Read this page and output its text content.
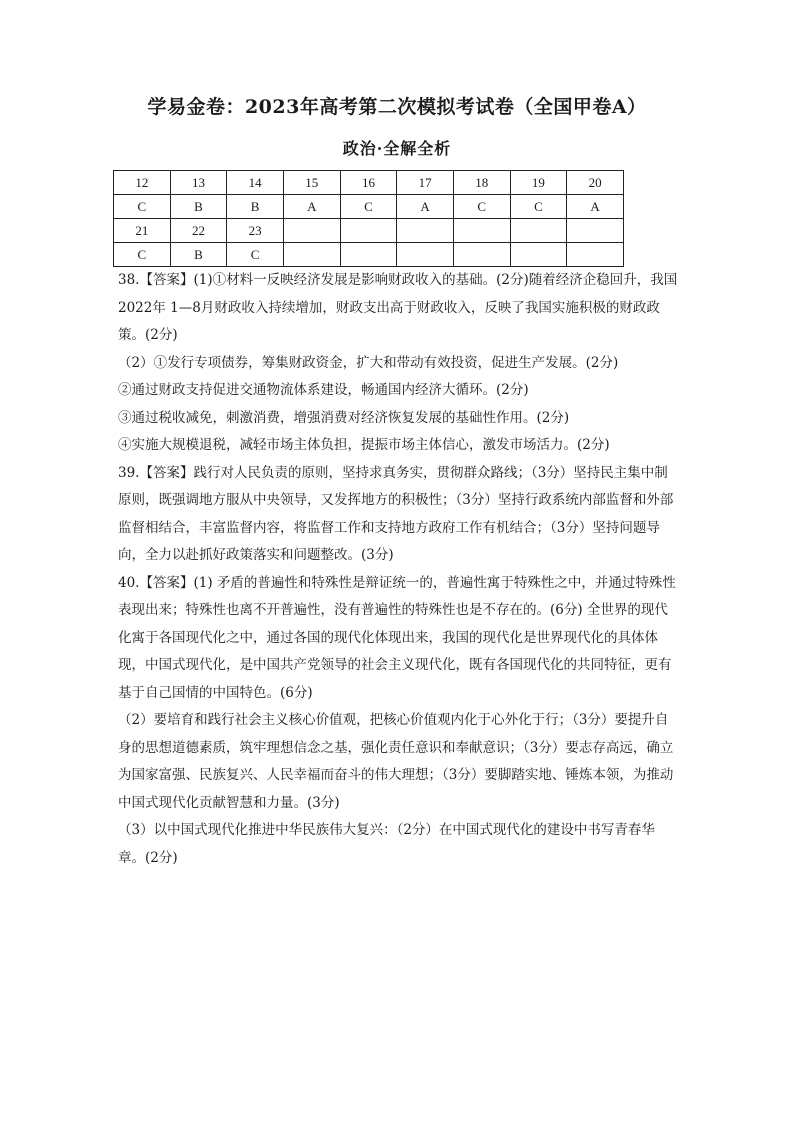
学易金卷：2023年高考第二次模拟考试卷（全国甲卷A）
政治·全解全析
12	13	14	15	16	17	18	19	20
C	B	B	A	C	A	C	C	A
21	22	23						
C	B	C						

38.【答案】(1)①材料一反映经济发展是影响财政收入的基础。(2分)随着经济企稳回升，我国 2022年 1—8月财政收入持续增加，财政支出高于财政收入，反映了我国实施积极的财政政策。(2分)

（2）①发行专项债券，筹集财政资金，扩大和带动有效投资，促进生产发展。(2分)

②通过财政支持促进交通物流体系建设，畅通国内经济大循环。(2分)

③通过税收减免，刺激消费，增强消费对经济恢复发展的基础性作用。(2分)

④实施大规模退税，减轻市场主体负担，提振市场主体信心，激发市场活力。(2分)

39.【答案】践行对人民负责的原则，坚持求真务实，贯彻群众路线；（3分）坚持民主集中制原则，既强调地方服从中央领导，又发挥地方的积极性；（3分）坚持行政系统内部监督和外部监督相结合，丰富监督内容，将监督工作和支持地方政府工作有机结合；（3分）坚持问题导向，全力以赴抓好政策落实和问题整改。(3分)

40.【答案】(1) 矛盾的普遍性和特殊性是辩证统一的，普遍性寓于特殊性之中，并通过特殊性表现出来；特殊性也离不开普遍性，没有普遍性的特殊性也是不存在的。(6分) 全世界的现代化寓于各国现代化之中，通过各国的现代化体现出来，我国的现代化是世界现代化的具体体现，中国式现代化，是中国共产党领导的社会主义现代化，既有各国现代化的共同特征，更有基于自己国情的中国特色。(6分)

（2）要培育和践行社会主义核心价值观，把核心价值观内化于心外化于行；（3分）要提升自身的思想道德素质，筑牢理想信念之基，强化责任意识和奉献意识；（3分）要志存高远，确立为国家富强、民族复兴、人民幸福而奋斗的伟大理想；（3分）要脚踏实地、锤炼本领，为推动中国式现代化贡献智慧和力量。(3分)

（3）以中国式现代化推进中华民族伟大复兴：（2分）在中国式现代化的建设中书写青春华章。(2分)
